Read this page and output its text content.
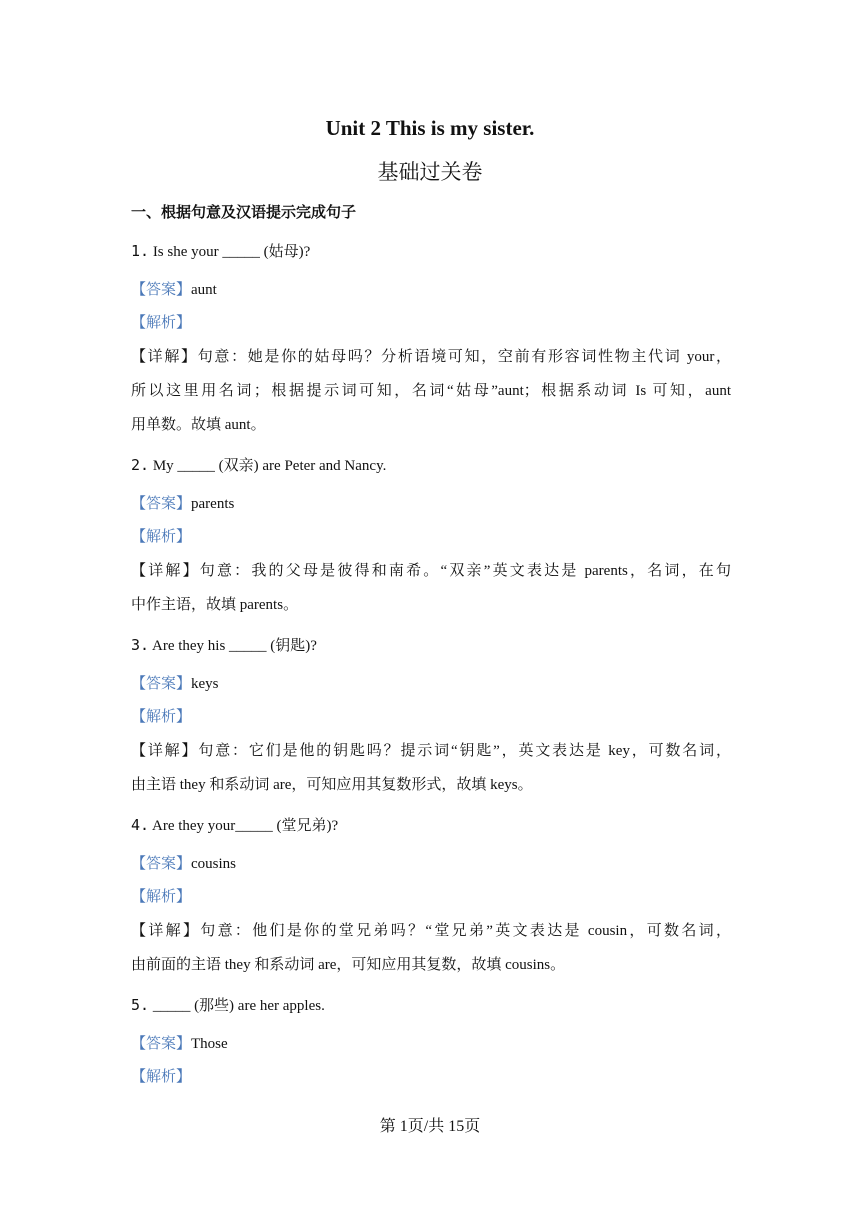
Unit 2 This is my sister.
基础过关卷
一、根据句意及汉语提示完成句子
1. Is she your _____ (姑母)?
【答案】aunt
【解析】
【详解】句意：她是你的姑母吗？分析语境可知，空前有形容词性物主代词 your，
所以这里用名词；根据提示词可知，名词“姑母”aunt；根据系动词 Is 可知，aunt
用单数。故填 aunt。
2. My _____ (双亲) are Peter and Nancy.
【答案】parents
【解析】
【详解】句意：我的父母是彼得和南希。“双亲”英文表达是 parents，名词，在句
中作主语，故填 parents。
3. Are they his _____ (钥匙)?
【答案】keys
【解析】
【详解】句意：它们是他的钥匙吗？提示词“钥匙”，英文表达是 key，可数名词，
由主语 they 和系动词 are，可知应用其复数形式，故填 keys。
4. Are they your_____ (堂兄弟)?
【答案】cousins
【解析】
【详解】句意：他们是你的堂兄弟吗？“堂兄弟”英文表达是 cousin，可数名词，
由前面的主语 they 和系动词 are，可知应用其复数，故填 cousins。
5. _____ (那些) are her apples.
【答案】Those
【解析】
第 1页/共 15页
